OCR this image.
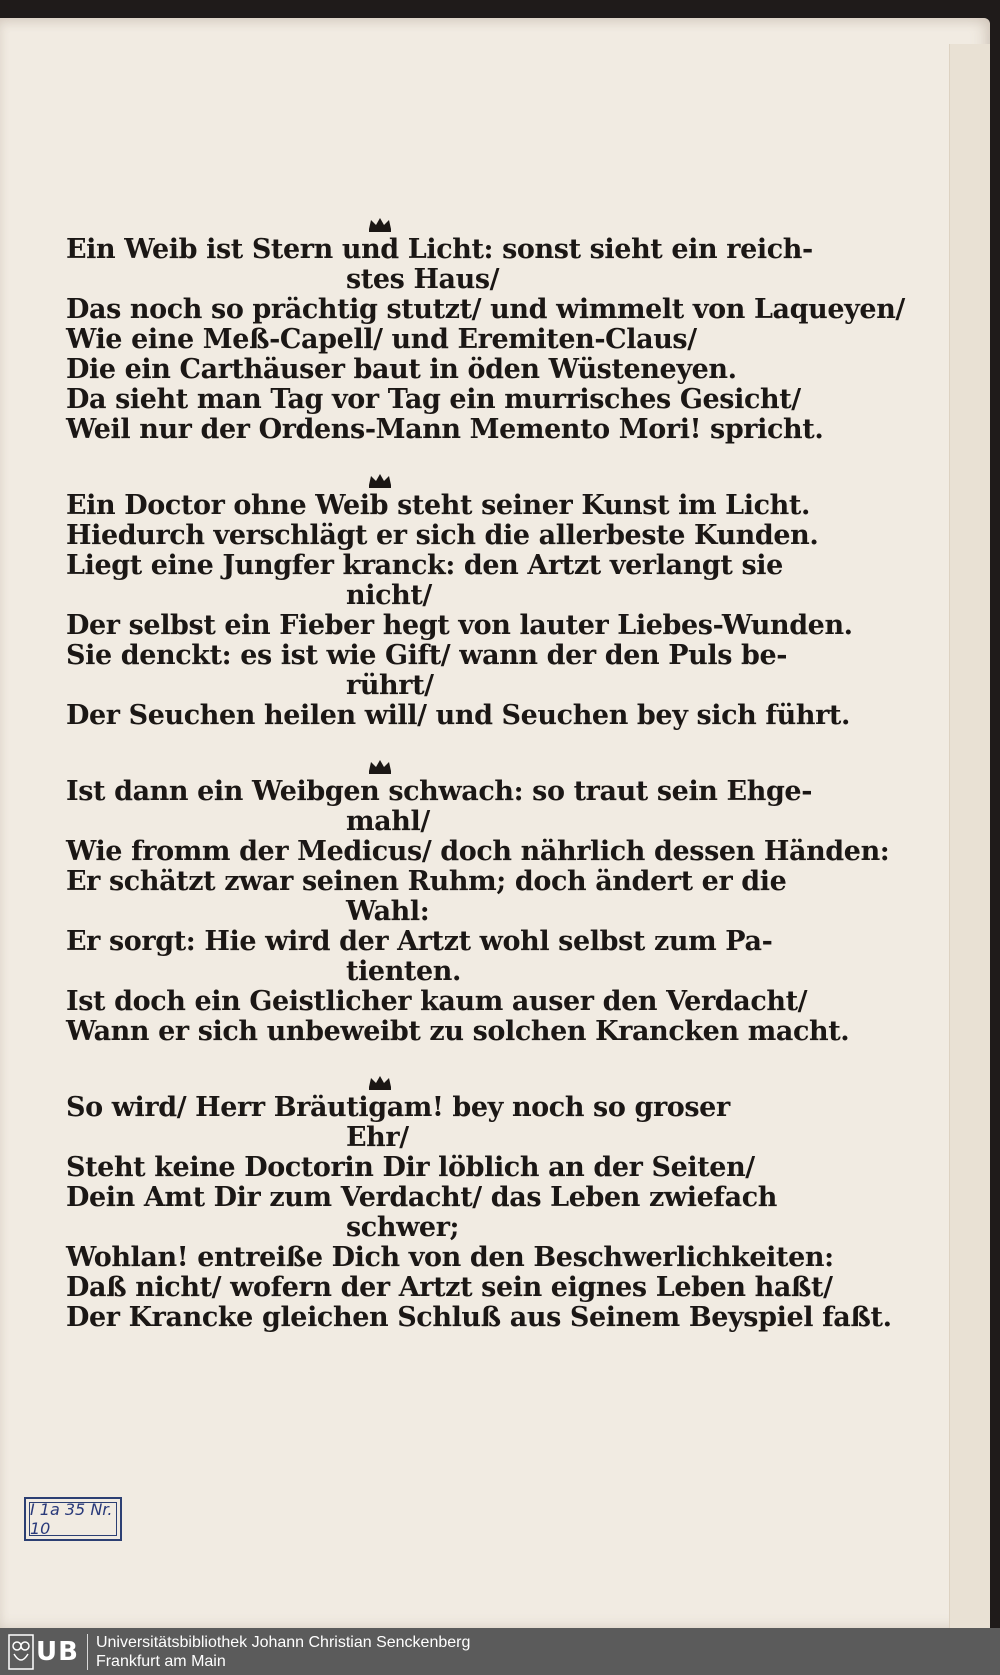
Ein Weib ist Stern und Licht: sonst sieht ein reich-
stes Haus/
Das noch so prächtig stutzt/ und wimmelt von Laqueyen/
Wie eine Meß-Capell/ und Eremiten-Claus/
Die ein Carthäuser baut in öden Wüsteneyen.
Da sieht man Tag vor Tag ein murrisches Gesicht/
Weil nur der Ordens-Mann Memento Mori! spricht.
Ein Doctor ohne Weib steht seiner Kunst im Licht.
Hiedurch verschlägt er sich die allerbeste Kunden.
Liegt eine Jungfer kranck: den Artzt verlangt sie
nicht/
Der selbst ein Fieber hegt von lauter Liebes-Wunden.
Sie denckt: es ist wie Gift/ wann der den Puls be-
rührt/
Der Seuchen heilen will/ und Seuchen bey sich führt.
Ist dann ein Weibgen schwach: so traut sein Ehge-
mahl/
Wie fromm der Medicus/ doch nährlich dessen Händen:
Er schätzt zwar seinen Ruhm; doch ändert er die
Wahl:
Er sorgt: Hie wird der Artzt wohl selbst zum Pa-
tienten.
Ist doch ein Geistlicher kaum auser den Verdacht/
Wann er sich unbeweibt zu solchen Krancken macht.
So wird/ Herr Bräutigam! bey noch so groser
Ehr/
Steht keine Doctorin Dir löblich an der Seiten/
Dein Amt Dir zum Verdacht/ das Leben zwiefach
schwer;
Wohlan! entreiße Dich von den Beschwerlichkeiten:
Daß nicht/ wofern der Artzt sein eignes Leben haßt/
Der Krancke gleichen Schluß aus Seinem Beyspiel faßt.
I 1a 35 Nr. 10
UB Universitätsbibliothek Johann Christian Senckenberg
Frankfurt am Main
